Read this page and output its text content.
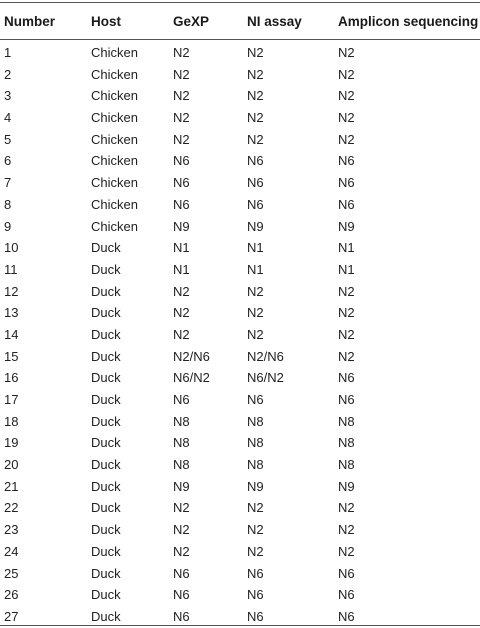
Number	Host	GeXP	NI assay	Amplicon sequencing
1	Chicken	N2	N2	N2
2	Chicken	N2	N2	N2
3	Chicken	N2	N2	N2
4	Chicken	N2	N2	N2
5	Chicken	N2	N2	N2
6	Chicken	N6	N6	N6
7	Chicken	N6	N6	N6
8	Chicken	N6	N6	N6
9	Chicken	N9	N9	N9
10	Duck	N1	N1	N1
11	Duck	N1	N1	N1
12	Duck	N2	N2	N2
13	Duck	N2	N2	N2
14	Duck	N2	N2	N2
15	Duck	N2/N6	N2/N6	N2
16	Duck	N6/N2	N6/N2	N6
17	Duck	N6	N6	N6
18	Duck	N8	N8	N8
19	Duck	N8	N8	N8
20	Duck	N8	N8	N8
21	Duck	N9	N9	N9
22	Duck	N2	N2	N2
23	Duck	N2	N2	N2
24	Duck	N2	N2	N2
25	Duck	N6	N6	N6
26	Duck	N6	N6	N6
27	Duck	N6	N6	N6
